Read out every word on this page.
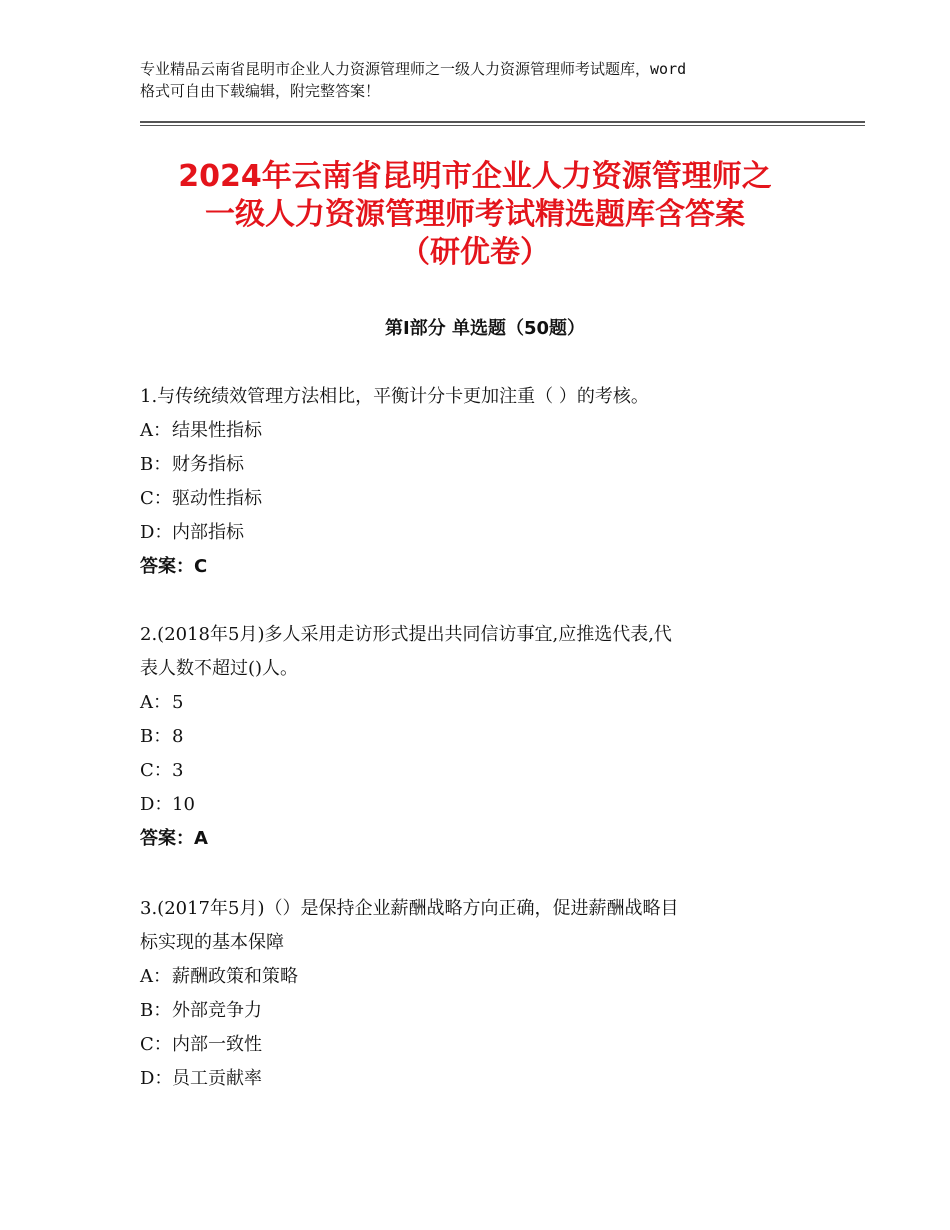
专业精品云南省昆明市企业人力资源管理师之一级人力资源管理师考试题库，word
格式可自由下载编辑，附完整答案！
2024年云南省昆明市企业人力资源管理师之
一级人力资源管理师考试精选题库含答案
（研优卷）
第Ⅰ部分 单选题（50题）

1.与传统绩效管理方法相比，平衡计分卡更加注重（ ）的考核。

A：结果性指标

B：财务指标

C：驱动性指标

D：内部指标

答案：C

2.(2018年5月)多人采用走访形式提出共同信访事宜,应推选代表,代

表人数不超过()人。

A：5

B：8

C：3

D：10

答案：A

3.(2017年5月)（）是保持企业薪酬战略方向正确，促进薪酬战略目

标实现的基本保障

A：薪酬政策和策略

B：外部竞争力

C：内部一致性

D：员工贡献率
